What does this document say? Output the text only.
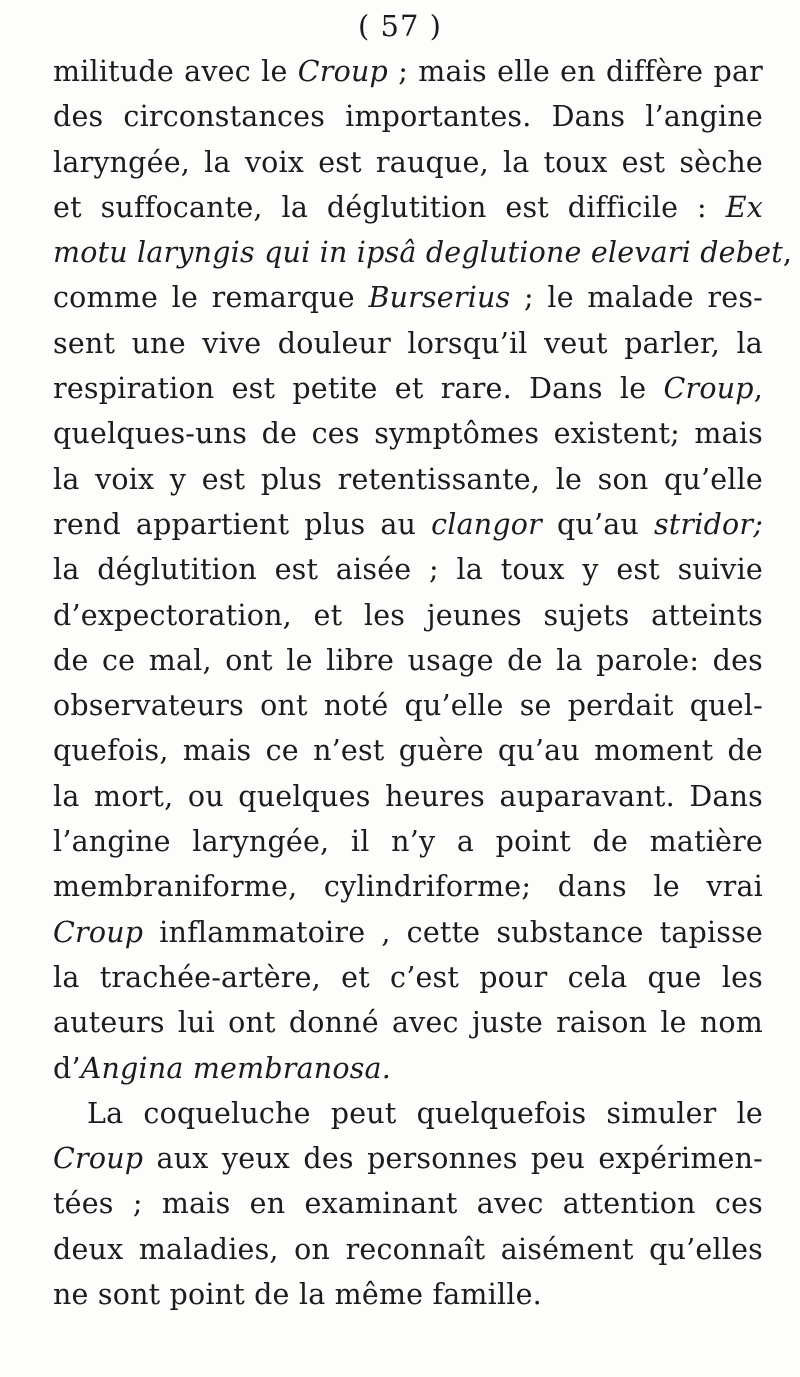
( 57 )
militude avec le Croup ; mais elle en diffère par
des circonstances importantes. Dans l’angine
laryngée, la voix est rauque, la toux est sèche
et suffocante, la déglutition est difficile : Ex
motu laryngis qui in ipsâ deglutione elevari debet,
comme le remarque Burserius ; le malade res-
sent une vive douleur lorsqu’il veut parler, la
respiration est petite et rare. Dans le Croup,
quelques-uns de ces symptômes existent; mais
la voix y est plus retentissante, le son qu’elle
rend appartient plus au clangor qu’au stridor;
la déglutition est aisée ; la toux y est suivie
d’expectoration, et les jeunes sujets atteints
de ce mal, ont le libre usage de la parole: des
observateurs ont noté qu’elle se perdait quel-
quefois, mais ce n’est guère qu’au moment de
la mort, ou quelques heures auparavant. Dans
l’angine laryngée, il n’y a point de matière
membraniforme, cylindriforme; dans le vrai
Croup inflammatoire , cette substance tapisse
la trachée-artère, et c’est pour cela que les
auteurs lui ont donné avec juste raison le nom
d’Angina membranosa.
La coqueluche peut quelquefois simuler le
Croup aux yeux des personnes peu expérimen-
tées ; mais en examinant avec attention ces
deux maladies, on reconnaît aisément qu’elles
ne sont point de la même famille.
